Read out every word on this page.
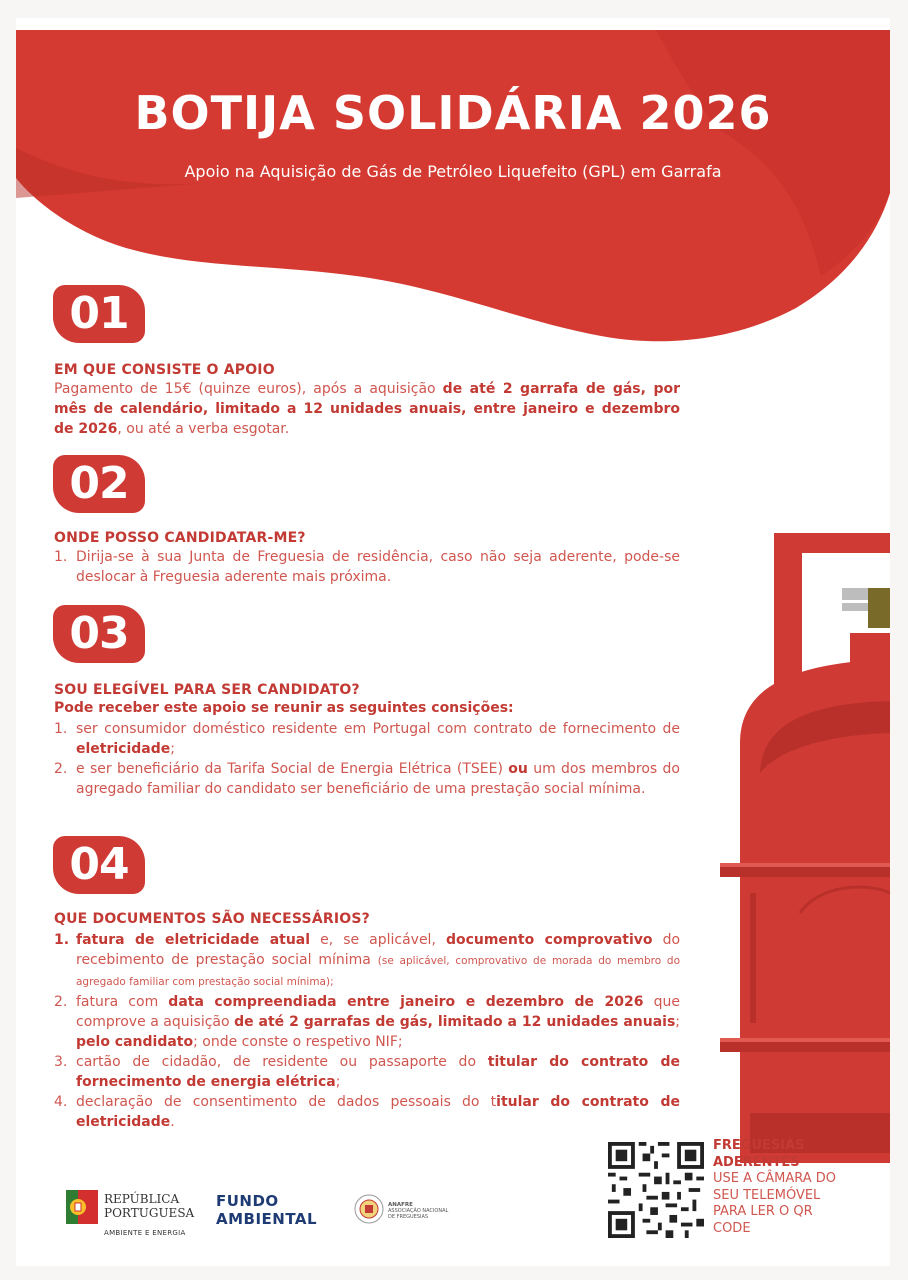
BOTIJA SOLIDÁRIA 2026
Apoio na Aquisição de Gás de Petróleo Liquefeito (GPL) em Garrafa
01
EM QUE CONSISTE O APOIO
Pagamento de 15€ (quinze euros), após a aquisição de até 2 garrafa de gás, por mês de calendário, limitado a 12 unidades anuais, entre janeiro e dezembro de 2026, ou até a verba esgotar.
02
ONDE POSSO CANDIDATAR-ME?
1. Dirija-se à sua Junta de Freguesia de residência, caso não seja aderente, pode-se deslocar à Freguesia aderente mais próxima.
03
SOU ELEGÍVEL PARA SER CANDIDATO?
Pode receber este apoio se reunir as seguintes consições:
1. ser consumidor doméstico residente em Portugal com contrato de fornecimento de eletricidade;
2. e ser beneficiário da Tarifa Social de Energia Elétrica (TSEE) ou um dos membros do agregado familiar do candidato ser beneficiário de uma prestação social mínima.
04
QUE DOCUMENTOS SÃO NECESSÁRIOS?
1. fatura de eletricidade atual e, se aplicável, documento comprovativo do recebimento de prestação social mínima (se aplicável, comprovativo de morada do membro do agregado familiar com prestação social mínima);
2. fatura com data compreendiada entre janeiro e dezembro de 2026 que comprove a aquisição de até 2 garrafas de gás, limitado a 12 unidades anuais; pelo candidato; onde conste o respetivo NIF;
3. cartão de cidadão, de residente ou passaporte do titular do contrato de fornecimento de energia elétrica;
4. declaração de consentimento de dados pessoais do titular do contrato de eletricidade.
FREGUESIAS
ADERENTES
USE A CÂMARA DO
SEU TELEMÓVEL
PARA LER O QR
CODE
REPÚBLICA
PORTUGUESA
AMBIENTE E ENERGIA
FUNDO
AMBIENTAL
ANAFRE
ASSOCIAÇÃO NACIONAL
DE FREGUESIAS
